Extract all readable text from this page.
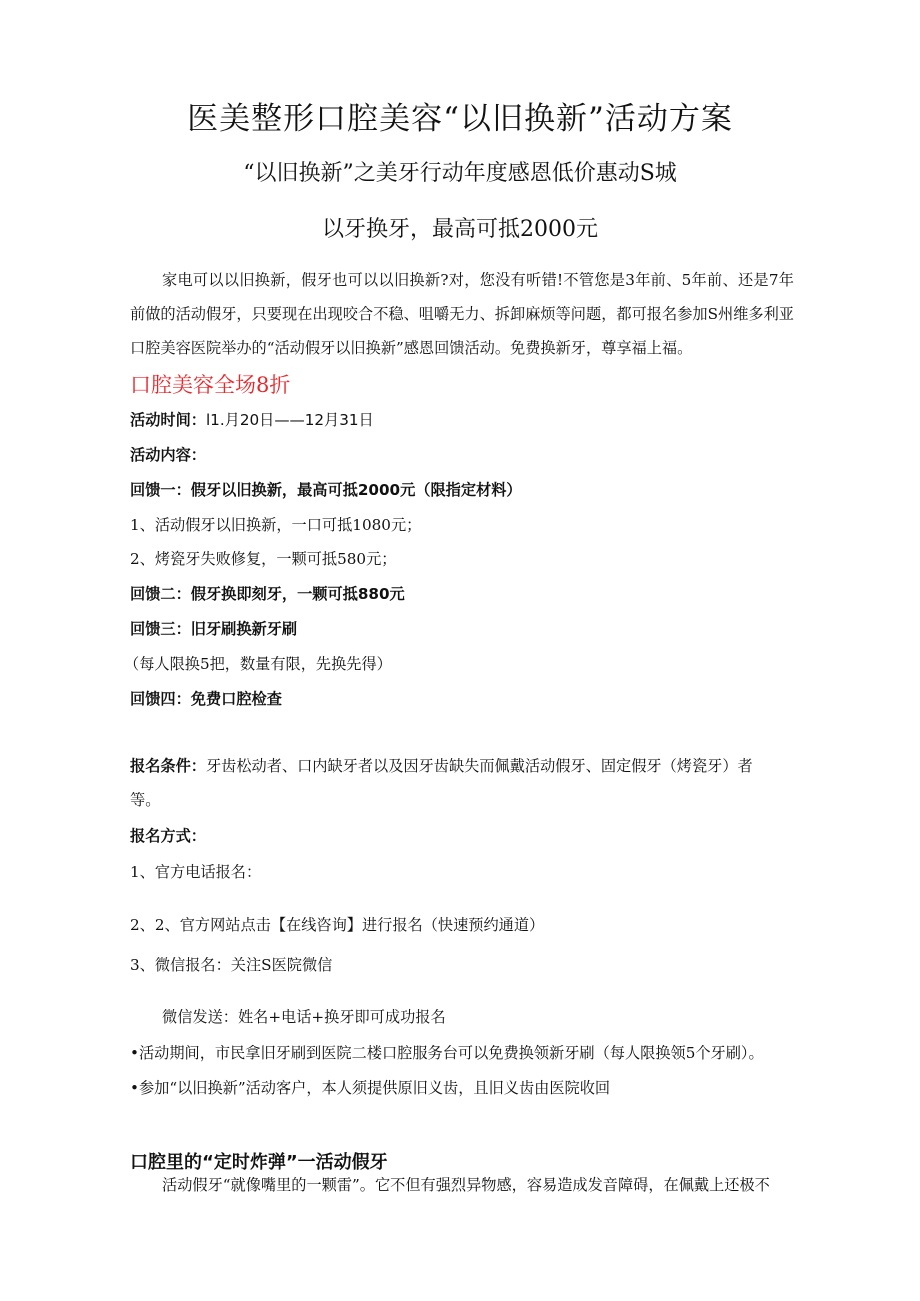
医美整形口腔美容“以旧换新”活动方案
“以旧换新”之美牙行动年度感恩低价惠动S城
以牙换牙，最高可抵2000元
家电可以以旧换新，假牙也可以以旧换新?对，您没有听错!不管您是3年前、5年前、还是7年前做的活动假牙，只要现在出现咬合不稳、咀嚼无力、拆卸麻烦等问题，都可报名参加S州维多利亚口腔美容医院举办的“活动假牙以旧换新”感恩回馈活动。免费换新牙，尊享福上福。
口腔美容全场8折
活动时间：l1.月20日——12月31日
活动内容：
回馈一：假牙以旧换新，最高可抵2000元（限指定材料）
1、活动假牙以旧换新，一口可抵1080元；
2、烤瓷牙失败修复，一颗可抵580元；
回馈二：假牙换即刻牙，一颗可抵880元
回馈三：旧牙刷换新牙刷
（每人限换5把，数量有限，先换先得）
回馈四：免费口腔检查
报名条件：牙齿松动者、口内缺牙者以及因牙齿缺失而佩戴活动假牙、固定假牙（烤瓷牙）者
等。
报名方式：
1、官方电话报名：
2、2、官方网站点击【在线咨询】进行报名（快速预约通道）
3、微信报名：关注S医院微信
微信发送：姓名+电话+换牙即可成功报名
•活动期间，市民拿旧牙刷到医院二楼口腔服务台可以免费换领新牙刷（每人限换领5个牙刷）。
•参加“以旧换新”活动客户，本人须提供原旧义齿，且旧义齿由医院收回
口腔里的“定时炸弹”一活动假牙
活动假牙“就像嘴里的一颗雷”。它不但有强烈异物感，容易造成发音障碍，在佩戴上还极不
